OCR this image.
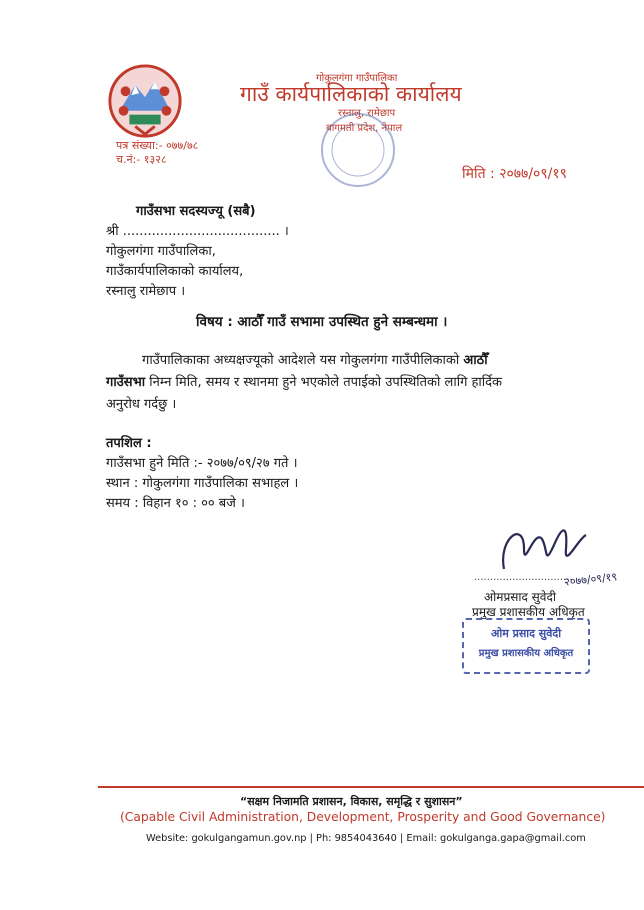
गोकुलगंगा गाउँपालिका
गाउँ कार्यपालिकाको कार्यालय
रस्नालु, रामेछाप
बागमती प्रदेश, नेपाल
पत्र संख्या:- ०७७/७८
च.नं:- १३२८
मिति : २०७७/०९/१९
गाउँसभा सदस्यज्यू (सबै)
श्री ...................................... ।
गोकुलगंगा गाउँपालिका,
गाउँकार्यपालिकाको कार्यालय,
रस्नालु रामेछाप ।
विषय : आठौँ गाउँ सभामा उपस्थित हुने सम्बन्धमा ।
गाउँपालिकाका अध्यक्षज्यूको आदेशले यस गोकुलगंगा गाउँपीलिकाको आठौँ
गाउँसभा निम्न मिति, समय र स्थानमा हुने भएकोले तपाईको उपस्थितिको लागि हार्दिक
अनुरोध गर्दछु ।
तपशिल :
गाउँसभा हुने मिति :- २०७७/०९/२७ गते ।
स्थान : गोकुलगंगा गाउँपालिका सभाहल ।
समय : विहान १० : ०० बजे ।
...............................
२०७७/०९/१९
ओमप्रसाद सुवेदी
प्रमुख प्रशासकीय अधिकृत
ओम प्रसाद सुवेदी
प्रमुख प्रशासकीय अधिकृत
“सक्षम निजामति प्रशासन, विकास, समृद्धि र सुशासन”
(Capable Civil Administration, Development, Prosperity and Good Governance)
Website: gokulgangamun.gov.np | Ph: 9854043640 | Email: gokulganga.gapa@gmail.com
